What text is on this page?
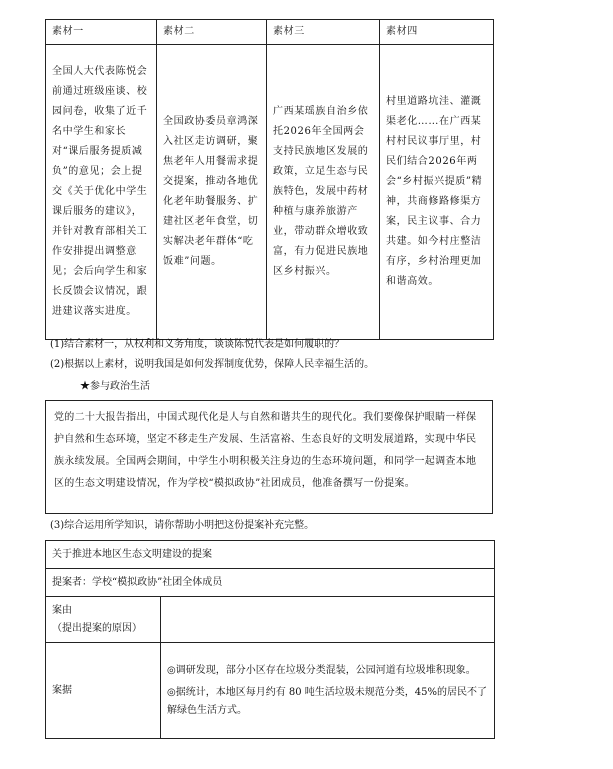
素材一	素材二	素材三	素材四
全国人大代表陈悦会前通过班级座谈、校园问卷，收集了近千名中学生和家长对“课后服务提质减负”的意见；会上提交《关于优化中学生课后服务的建议》，并针对教育部相关工作安排提出调整意见；会后向学生和家长反馈会议情况，跟进建议落实进度。	全国政协委员章鸿深入社区走访调研，聚焦老年人用餐需求提交提案，推动各地优化老年助餐服务、扩建社区老年食堂，切实解决老年群体“吃饭难”问题。	广西某瑶族自治乡依托2026年全国两会支持民族地区发展的政策，立足生态与民族特色，发展中药材种植与康养旅游产业，带动群众增收致富，有力促进民族地区乡村振兴。	村里道路坑洼、灌溉渠老化……在广西某村村民议事厅里，村民们结合2026年两会“乡村振兴提质”精神，共商修路修渠方案，民主议事、合力共建。如今村庄整洁有序，乡村治理更加和谐高效。
(1)结合素材一，从权利和义务角度，谈谈陈悦代表是如何履职的？
(2)根据以上素材，说明我国是如何发挥制度优势，保障人民幸福生活的。
★参与政治生活
党的二十大报告指出，中国式现代化是人与自然和谐共生的现代化。我们要像保护眼睛一样保护自然和生态环境，坚定不移走生产发展、生活富裕、生态良好的文明发展道路，实现中华民族永续发展。全国两会期间，中学生小明积极关注身边的生态环境问题，和同学一起调查本地区的生态文明建设情况，作为学校“模拟政协”社团成员，他准备撰写一份提案。
(3)综合运用所学知识，请你帮助小明把这份提案补充完整。
关于推进本地区生态文明建设的提案	
提案者：学校“模拟政协”社团全体成员	

案由
（提出提案的原因）	

案据	◎调研发现，部分小区存在垃圾分类混装，公园河道有垃圾堆积现象。
◎据统计，本地区每月约有 80 吨生活垃圾未规范分类，45%的居民不了解绿色生活方式。
